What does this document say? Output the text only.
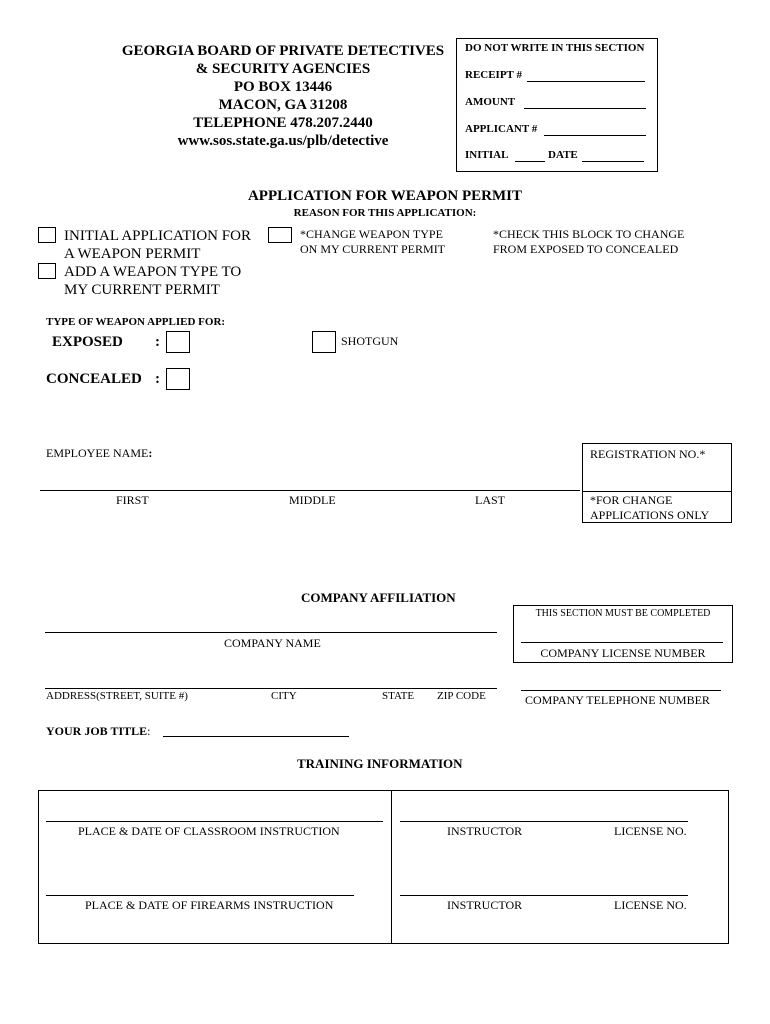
GEORGIA BOARD OF PRIVATE DETECTIVES
& SECURITY AGENCIES
PO BOX 13446
MACON, GA 31208
TELEPHONE 478.207.2440
www.sos.state.ga.us/plb/detective
DO NOT WRITE IN THIS SECTION
RECEIPT #
AMOUNT
APPLICANT #
INITIAL	DATE
APPLICATION FOR WEAPON PERMIT
REASON FOR THIS APPLICATION:
INITIAL APPLICATION FOR
A WEAPON PERMIT
ADD A WEAPON TYPE TO
MY CURRENT PERMIT
*CHANGE WEAPON TYPE
ON MY CURRENT PERMIT
*CHECK THIS BLOCK TO CHANGE
FROM EXPOSED TO CONCEALED
TYPE OF WEAPON APPLIED FOR:
EXPOSED :	SHOTGUN
CONCEALED :
EMPLOYEE NAME:
FIRST	MIDDLE	LAST
REGISTRATION NO.*
*FOR CHANGE
APPLICATIONS ONLY
COMPANY AFFILIATION
COMPANY NAME
THIS SECTION MUST BE COMPLETED
COMPANY LICENSE NUMBER
ADDRESS(STREET, SUITE #)	CITY	STATE ZIP CODE	COMPANY TELEPHONE NUMBER
YOUR JOB TITLE:
TRAINING INFORMATION
PLACE & DATE OF CLASSROOM INSTRUCTION	INSTRUCTOR	LICENSE NO.
PLACE & DATE OF FIREARMS INSTRUCTION	INSTRUCTOR	LICENSE NO.
